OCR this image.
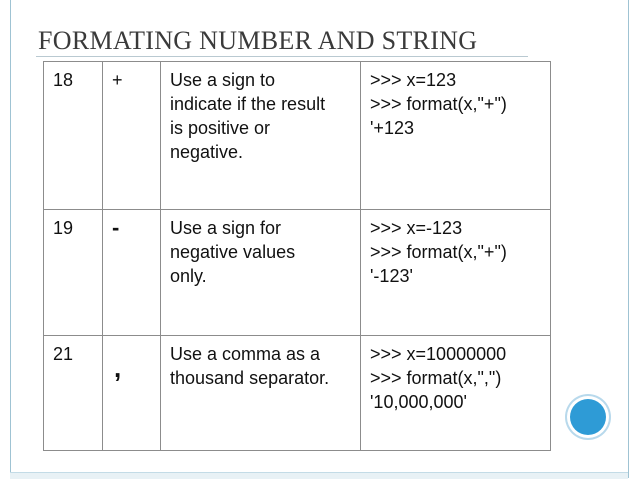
FORMATING NUMBER AND STRING
18	+	Use a sign to
indicate if the result
is positive or
negative.	>>> x=123
>>> format(x,"+")
'+123

19	-	Use a sign for
negative values
only.	>>> x=-123
>>> format(x,"+")
'-123'

21	,	Use a comma as a
thousand separator.	>>> x=10000000
>>> format(x,",")
'10,000,000'
